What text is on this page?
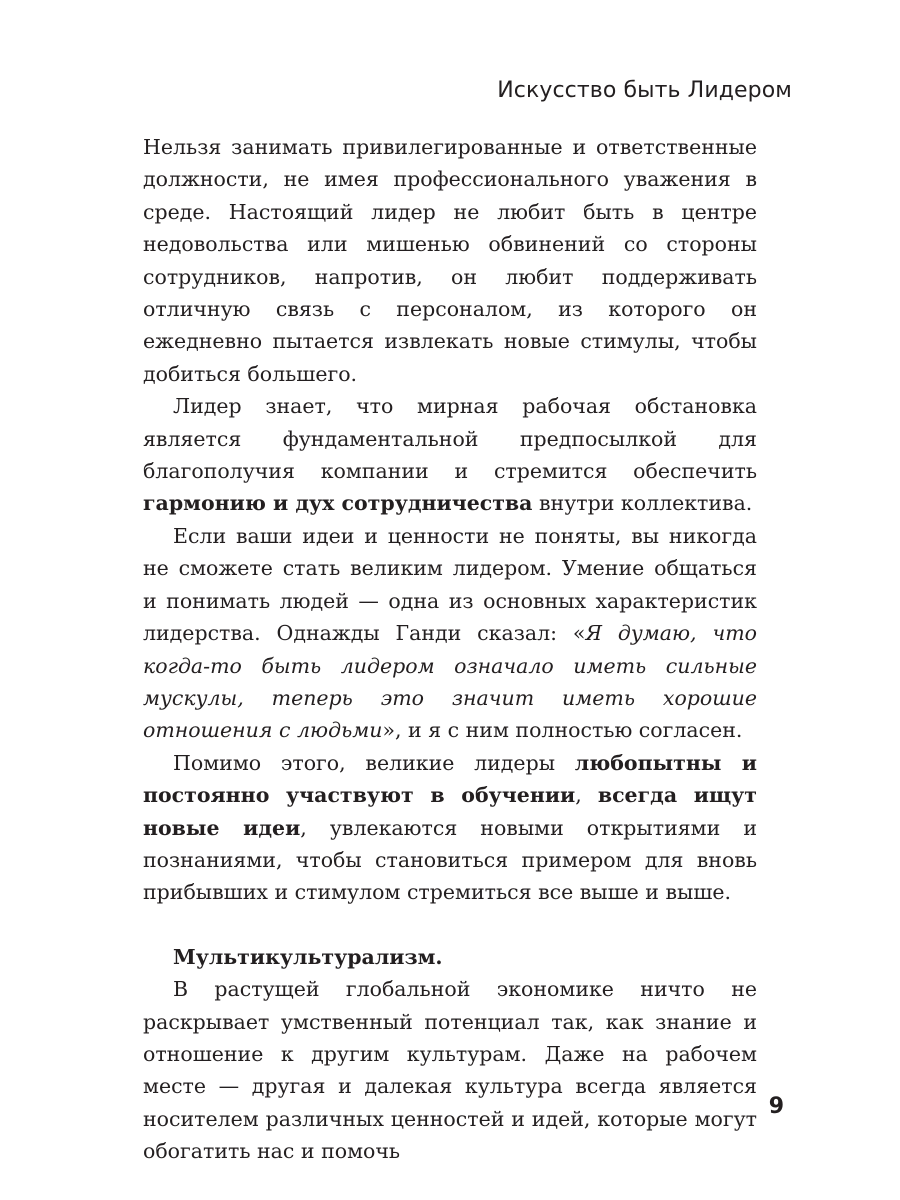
Искусство быть Лидером

Нельзя занимать привилегированные и ответственные должности, не имея профессионального уважения в среде. Настоящий лидер не любит быть в центре недовольства или мишенью обвинений со стороны сотрудников, напротив, он любит поддерживать отличную связь с персоналом, из которого он ежедневно пытается извлекать новые стимулы, чтобы добиться большего.

Лидер знает, что мирная рабочая обстановка является фундаментальной предпосылкой для благополучия компании и стремится обеспечить гармонию и дух сотрудничества внутри коллектива.

Если ваши идеи и ценности не поняты, вы никогда не сможете стать великим лидером. Умение общаться и понимать людей — одна из основных характеристик лидерства. Однажды Ганди сказал: «Я думаю, что когда-то быть лидером означало иметь сильные мускулы, теперь это значит иметь хорошие отношения с людьми», и я с ним полностью согласен.

Помимо этого, великие лидеры любопытны и постоянно участвуют в обучении, всегда ищут новые идеи, увлекаются новыми открытиями и познаниями, чтобы становиться примером для вновь прибывших и стимулом стремиться все выше и выше.

Мультикультурализм.

В растущей глобальной экономике ничто не раскрывает умственный потенциал так, как знание и отношение к другим культурам. Даже на рабочем месте — другая и далекая культура всегда является носителем различных ценностей и идей, которые могут обогатить нас и помочь

9
